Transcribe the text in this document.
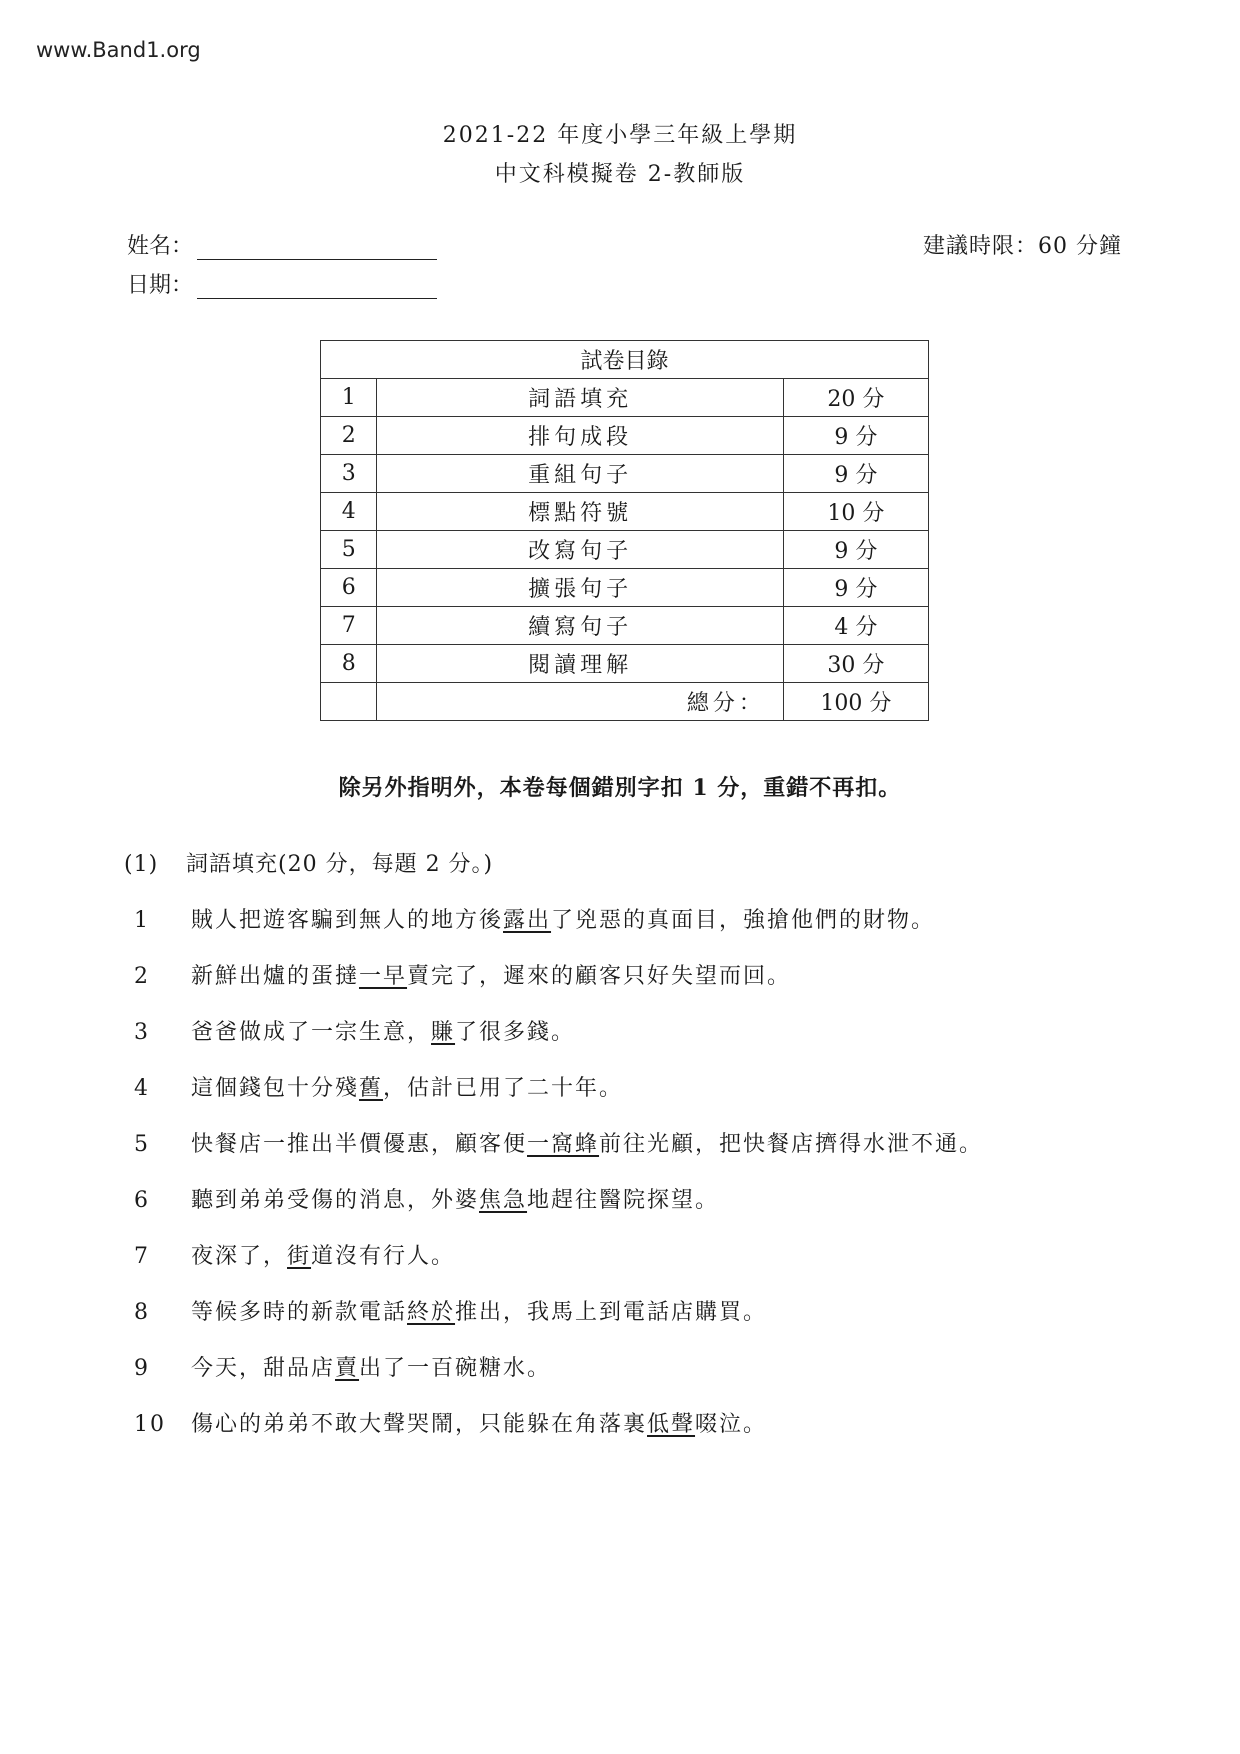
www.Band1.org
2021-22 年度小學三年級上學期
中文科模擬卷 2-教師版
姓名：
日期：
建議時限：60 分鐘
試卷目錄		
1	詞語填充	20 分
2	排句成段	9 分
3	重組句子	9 分
4	標點符號	10 分
5	改寫句子	9 分
6	擴張句子	9 分
7	續寫句子	4 分
8	閱讀理解	30 分
	總分：	100 分
除另外指明外，本卷每個錯別字扣 1 分，重錯不再扣。
(1) 詞語填充(20 分，每題 2 分。)
1 賊人把遊客騙到無人的地方後露出了兇惡的真面目，強搶他們的財物。
2 新鮮出爐的蛋撻一早賣完了，遲來的顧客只好失望而回。
3 爸爸做成了一宗生意，賺了很多錢。
4 這個錢包十分殘舊，估計已用了二十年。
5 快餐店一推出半價優惠，顧客便一窩蜂前往光顧，把快餐店擠得水泄不通。
6 聽到弟弟受傷的消息，外婆焦急地趕往醫院探望。
7 夜深了，街道沒有行人。
8 等候多時的新款電話終於推出，我馬上到電話店購買。
9 今天，甜品店賣出了一百碗糖水。
10 傷心的弟弟不敢大聲哭鬧，只能躲在角落裏低聲啜泣。
